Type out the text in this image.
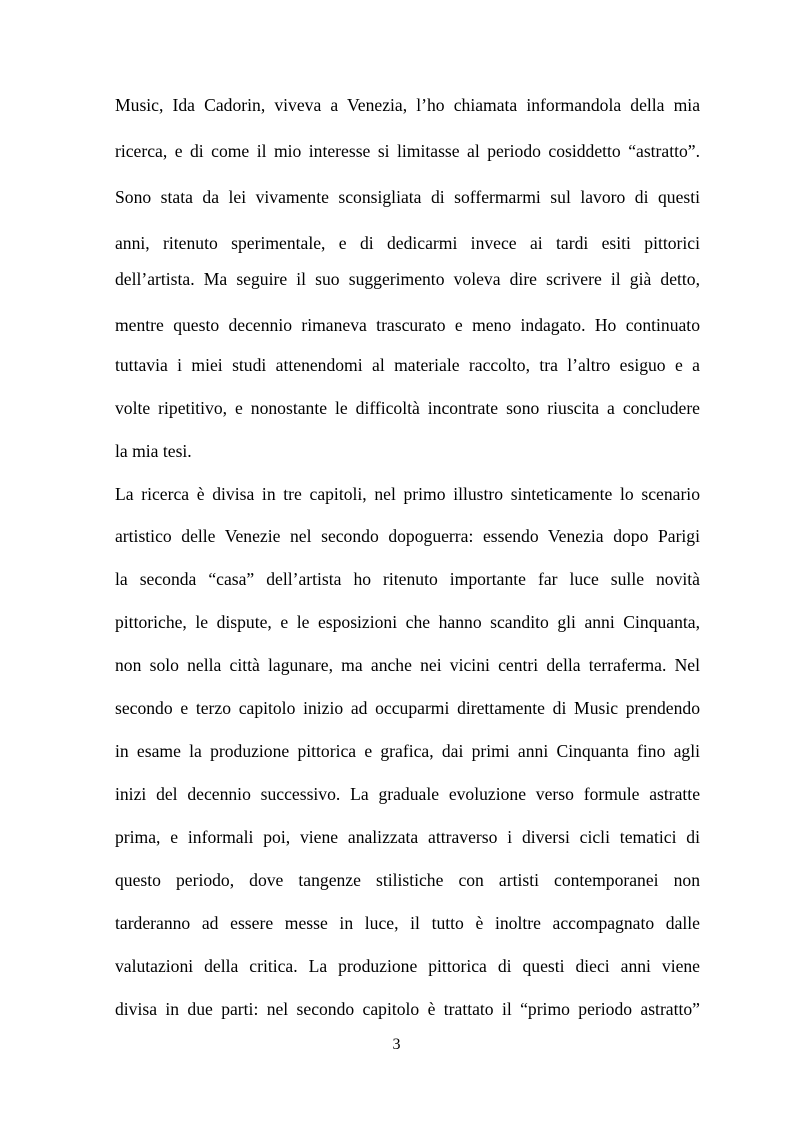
Music, Ida Cadorin, viveva a Venezia, l’ho chiamata informandola della mia
ricerca, e di come il mio interesse si limitasse al periodo cosiddetto “astratto”.
Sono stata da lei vivamente sconsigliata di soffermarmi sul lavoro di questi
anni, ritenuto sperimentale, e di dedicarmi invece ai tardi esiti pittorici
dell’artista. Ma seguire il suo suggerimento voleva dire scrivere il già detto,
mentre questo decennio rimaneva trascurato e meno indagato. Ho continuato
tuttavia i miei studi attenendomi al materiale raccolto, tra l’altro esiguo e a
volte ripetitivo, e nonostante le difficoltà incontrate sono riuscita a concludere
la mia tesi.
La ricerca è divisa in tre capitoli, nel primo illustro sinteticamente lo scenario
artistico delle Venezie nel secondo dopoguerra: essendo Venezia dopo Parigi
la seconda “casa” dell’artista ho ritenuto importante far luce sulle novità
pittoriche, le dispute, e le esposizioni che hanno scandito gli anni Cinquanta,
non solo nella città lagunare, ma anche nei vicini centri della terraferma. Nel
secondo e terzo capitolo inizio ad occuparmi direttamente di Music prendendo
in esame la produzione pittorica e grafica, dai primi anni Cinquanta fino agli
inizi del decennio successivo. La graduale evoluzione verso formule astratte
prima, e informali poi, viene analizzata attraverso i diversi cicli tematici di
questo periodo, dove tangenze stilistiche con artisti contemporanei non
tarderanno ad essere messe in luce, il tutto è inoltre accompagnato dalle
valutazioni della critica. La produzione pittorica di questi dieci anni viene
divisa in due parti: nel secondo capitolo è trattato il “primo periodo astratto”
3
